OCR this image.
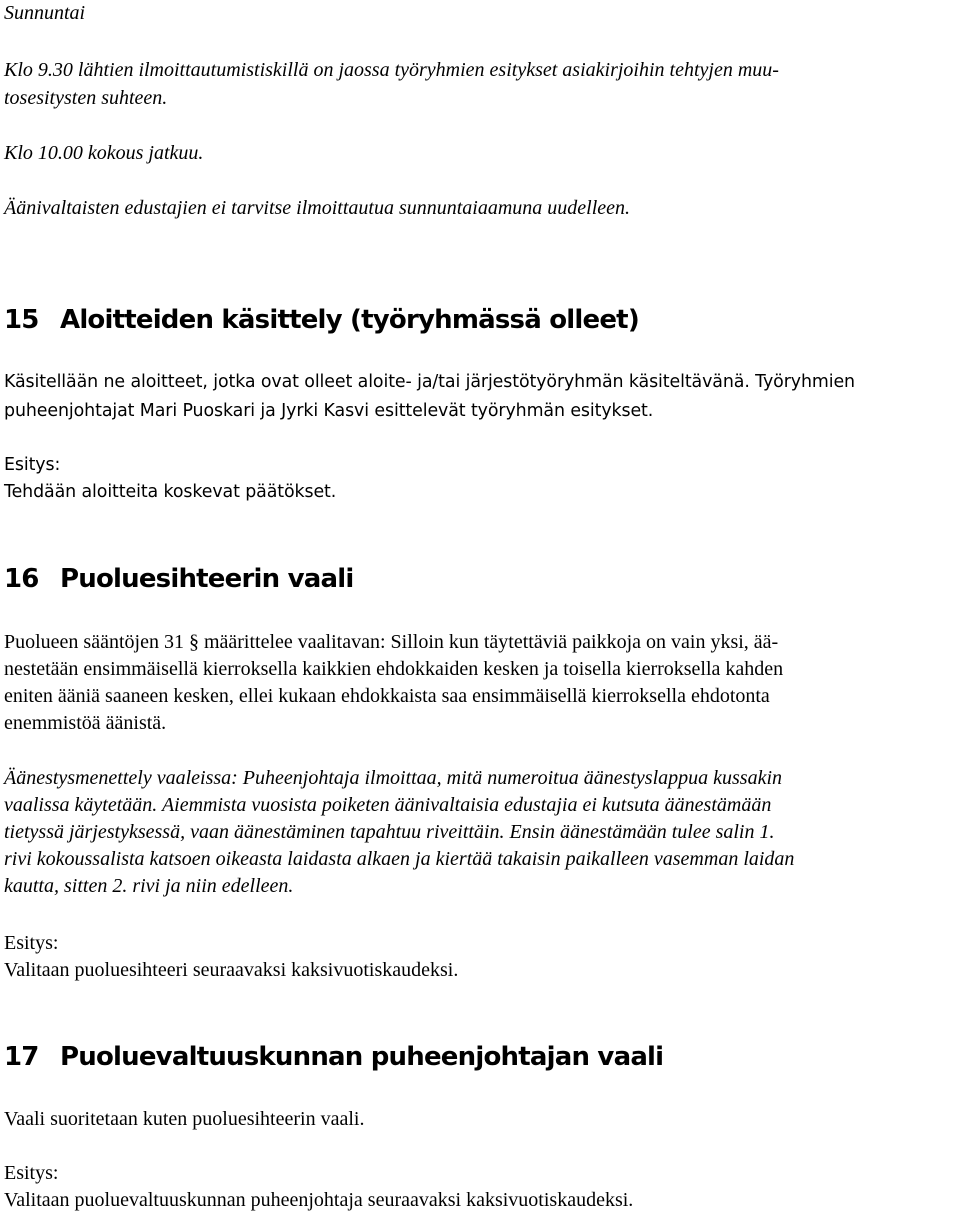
Sunnuntai
Klo 9.30 lähtien ilmoittautumistiskillä on jaossa työryhmien esitykset asiakirjoihin tehtyjen muu-
tosesitysten suhteen.
Klo 10.00 kokous jatkuu.
Äänivaltaisten edustajien ei tarvitse ilmoittautua sunnuntaiaamuna uudelleen.
15 Aloitteiden käsittely (työryhmässä olleet)
Käsitellään ne aloitteet, jotka ovat olleet aloite- ja/tai järjestötyöryhmän käsiteltävänä. Työryhmien
puheenjohtajat Mari Puoskari ja Jyrki Kasvi esittelevät työryhmän esitykset.
Esitys:
Tehdään aloitteita koskevat päätökset.
16 Puoluesihteerin vaali
Puolueen sääntöjen 31 § määrittelee vaalitavan: Silloin kun täytettäviä paikkoja on vain yksi, ää-
nestetään ensimmäisellä kierroksella kaikkien ehdokkaiden kesken ja toisella kierroksella kahden
eniten ääniä saaneen kesken, ellei kukaan ehdokkaista saa ensimmäisellä kierroksella ehdotonta
enemmistöä äänistä.
Äänestysmenettely vaaleissa: Puheenjohtaja ilmoittaa, mitä numeroitua äänestyslappua kussakin
vaalissa käytetään. Aiemmista vuosista poiketen äänivaltaisia edustajia ei kutsuta äänestämään
tietyssä järjestyksessä, vaan äänestäminen tapahtuu riveittäin. Ensin äänestämään tulee salin 1.
rivi kokoussalista katsoen oikeasta laidasta alkaen ja kiertää takaisin paikalleen vasemman laidan
kautta, sitten 2. rivi ja niin edelleen.
Esitys:
Valitaan puoluesihteeri seuraavaksi kaksivuotiskaudeksi.
17 Puoluevaltuuskunnan puheenjohtajan vaali
Vaali suoritetaan kuten puoluesihteerin vaali.
Esitys:
Valitaan puoluevaltuuskunnan puheenjohtaja seuraavaksi kaksivuotiskaudeksi.
